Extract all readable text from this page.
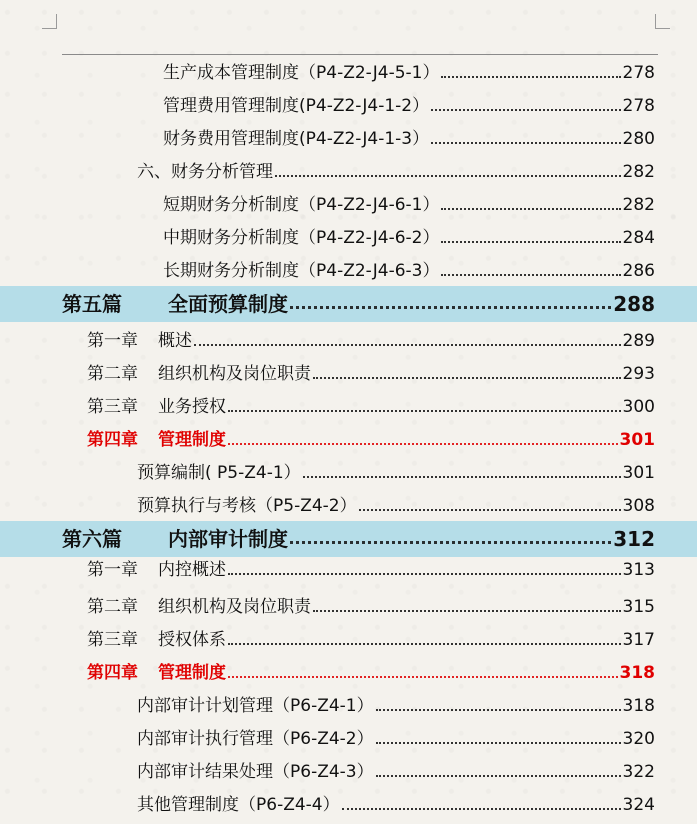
生产成本管理制度（P4-Z2-J4-5-1）	278
管理费用管理制度(P4-Z2-J4-1-2）	278
财务费用管理制度(P4-Z2-J4-1-3）	280
六、财务分析管理	282
短期财务分析制度（P4-Z2-J4-6-1）	282
中期财务分析制度（P4-Z2-J4-6-2）	284
长期财务分析制度（P4-Z2-J4-6-3）	286
第五篇 全面预算制度	288
第一章 概述	289
第二章 组织机构及岗位职责	293
第三章 业务授权	300
第四章 管理制度	301
预算编制( P5-Z4-1）	301
预算执行与考核（P5-Z4-2）	308
第六篇 内部审计制度	312
第一章 内控概述	313
第二章 组织机构及岗位职责	315
第三章 授权体系	317
第四章 管理制度	318
内部审计计划管理（P6-Z4-1）	318
内部审计执行管理（P6-Z4-2）	320
内部审计结果处理（P6-Z4-3）	322
其他管理制度（P6-Z4-4）	324
